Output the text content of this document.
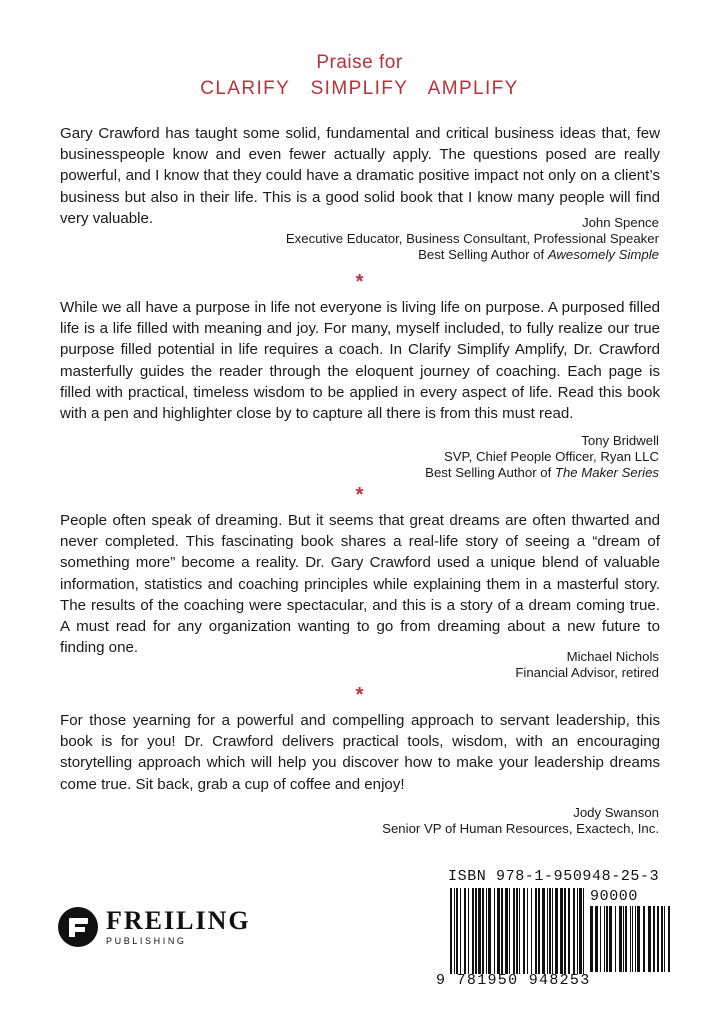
Praise for
CLARIFY SIMPLIFY AMPLIFY
Gary Crawford has taught some solid, fundamental and critical business ideas that, few businesspeople know and even fewer actually apply. The questions posed are really powerful, and I know that they could have a dramatic positive impact not only on a client’s business but also in their life. This is a good solid book that I know many people will find very valuable.	John Spence
Executive Educator, Business Consultant, Professional Speaker
Best Selling Author of Awesomely Simple
*
While we all have a purpose in life not everyone is living life on purpose. A purposed filled life is a life filled with meaning and joy. For many, myself included, to fully realize our true purpose filled potential in life requires a coach. In Clarify Simplify Amplify, Dr. Crawford masterfully guides the reader through the eloquent journey of coaching. Each page is filled with practical, timeless wisdom to be applied in every aspect of life. Read this book with a pen and highlighter close by to capture all there is from this must read.
Tony Bridwell
SVP, Chief People Officer, Ryan LLC
Best Selling Author of The Maker Series
*
People often speak of dreaming. But it seems that great dreams are often thwarted and never completed. This fascinating book shares a real-life story of seeing a “dream of something more” become a reality. Dr. Gary Crawford used a unique blend of valuable information, statistics and coaching principles while explaining them in a masterful story. The results of the coaching were spectacular, and this is a story of a dream coming true. A must read for any organization wanting to go from dreaming about a new future to finding one.
Michael Nichols
Financial Advisor, retired
*
For those yearning for a powerful and compelling approach to servant leadership, this book is for you! Dr. Crawford delivers practical tools, wisdom, with an encouraging storytelling approach which will help you discover how to make your leadership dreams come true. Sit back, grab a cup of coffee and enjoy!
Jody Swanson
Senior VP of Human Resources, Exactech, Inc.
FREILING
PUBLISHING
ISBN 978-1-950948-25-3
90000
9 781950 948253
